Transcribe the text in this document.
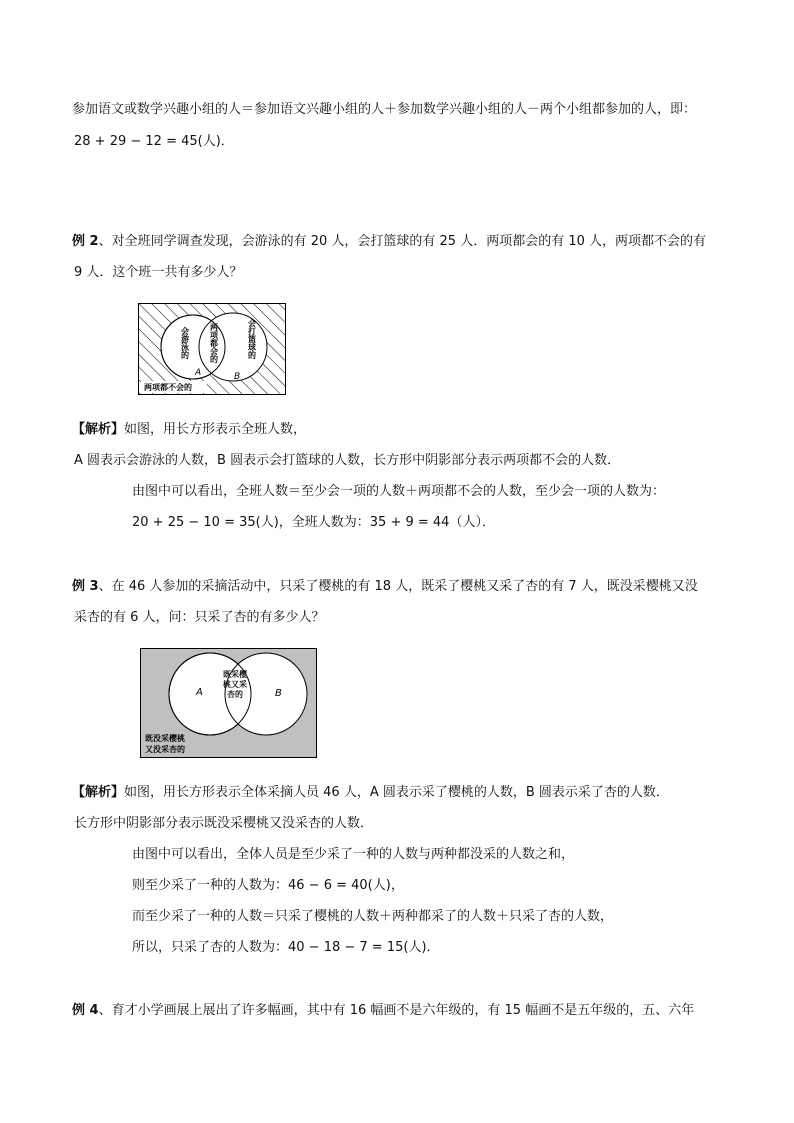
参加语文或数学兴趣小组的人＝参加语文兴趣小组的人＋参加数学兴趣小组的人－两个小组都参加的人，即：
28 + 29 − 12 = 45(人)．
例 2、对全班同学调查发现，会游泳的有 20 人，会打篮球的有 25 人．两项都会的有 10 人，两项都不会的有
9 人．这个班一共有多少人？
会游泳的	两项都会的	会打篮球的
A	B
两项都不会的
【解析】如图，用长方形表示全班人数，
A 圆表示会游泳的人数，B 圆表示会打篮球的人数，长方形中阴影部分表示两项都不会的人数．
由图中可以看出，全班人数＝至少会一项的人数＋两项都不会的人数，至少会一项的人数为：
20 + 25 − 10 = 35(人)，全班人数为：35 + 9 = 44（人）．
例 3、在 46 人参加的采摘活动中，只采了樱桃的有 18 人，既采了樱桃又采了杏的有 7 人，既没采樱桃又没
采杏的有 6 人，问：只采了杏的有多少人？
A	B
既采樱桃又采杏的
既没采樱桃
又没采杏的
【解析】如图，用长方形表示全体采摘人员 46 人，A 圆表示采了樱桃的人数，B 圆表示采了杏的人数．
长方形中阴影部分表示既没采樱桃又没采杏的人数．
由图中可以看出，全体人员是至少采了一种的人数与两种都没采的人数之和，
则至少采了一种的人数为：46 − 6 = 40(人)，
而至少采了一种的人数＝只采了樱桃的人数＋两种都采了的人数＋只采了杏的人数，
所以，只采了杏的人数为：40 − 18 − 7 = 15(人)．
例 4、育才小学画展上展出了许多幅画，其中有 16 幅画不是六年级的，有 15 幅画不是五年级的，五、六年
